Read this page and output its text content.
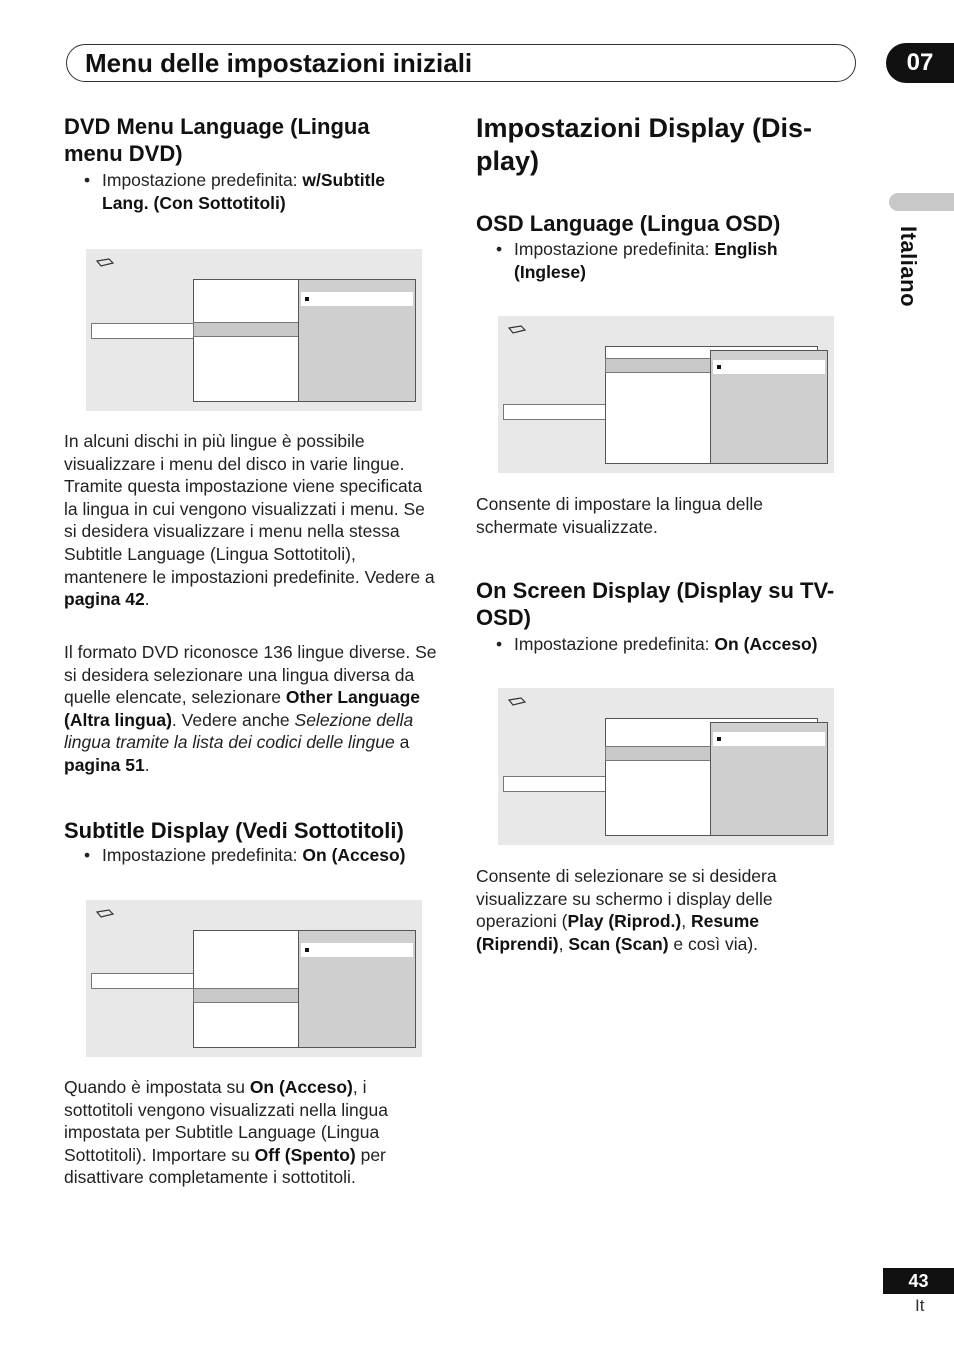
Menu delle impostazioni iniziali	07
Italiano
DVD Menu Language (Lingua menu DVD)
• Impostazione predefinita: w/Subtitle Lang. (Con Sottotitoli)

In alcuni dischi in più lingue è possibile visualizzare i menu del disco in varie lingue. Tramite questa impostazione viene specificata la lingua in cui vengono visualizzati i menu. Se si desidera visualizzare i menu nella stessa Subtitle Language (Lingua Sottotitoli), mantenere le impostazioni predefinite. Vedere a pagina 42.

Il formato DVD riconosce 136 lingue diverse. Se si desidera selezionare una lingua diversa da quelle elencate, selezionare Other Language (Altra lingua). Vedere anche Selezione della lingua tramite la lista dei codici delle lingue a pagina 51.

Subtitle Display (Vedi Sottotitoli)
• Impostazione predefinita: On (Acceso)

Quando è impostata su On (Acceso), i sottotitoli vengono visualizzati nella lingua impostata per Subtitle Language (Lingua Sottotitoli). Importare su Off (Spento) per disattivare completamente i sottotitoli.

Impostazioni Display (Dis-play)
OSD Language (Lingua OSD)
• Impostazione predefinita: English (Inglese)

Consente di impostare la lingua delle schermate visualizzate.

On Screen Display (Display su TV-OSD)
• Impostazione predefinita: On (Acceso)

Consente di selezionare se si desidera visualizzare su schermo i display delle operazioni (Play (Riprod.), Resume (Riprendi), Scan (Scan) e così via).

43
It
